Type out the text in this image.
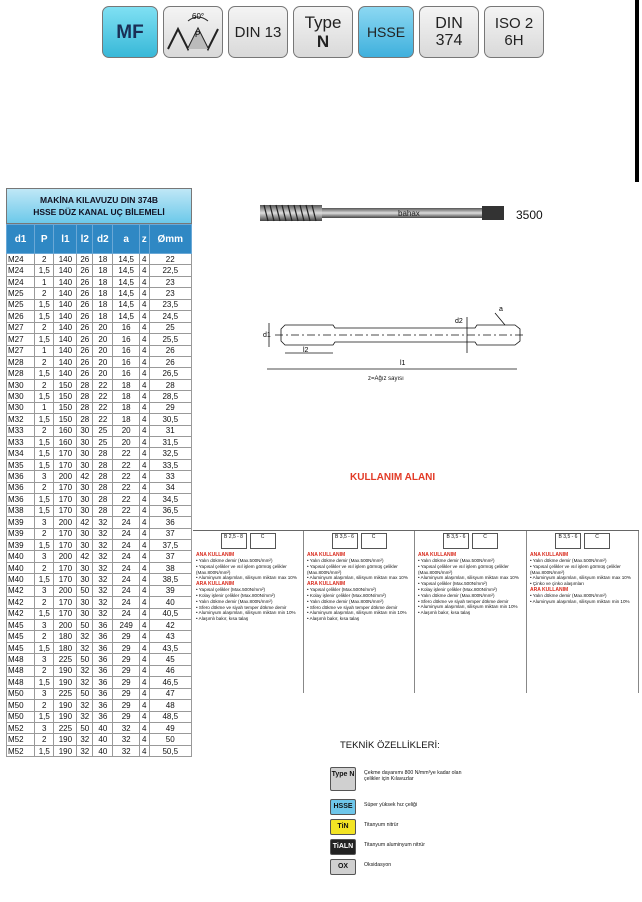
MF
60°
P	DIN 13	Type
N
HSSE	DIN
374
ISO 2
6H
MAKİNA KILAVUZU DIN 374B
HSSE DÜZ KANAL UÇ BİLEMELİ
d1	P	l1	l2	d2	a	z	Ømm
M24	2	140	26	18	14,5	4	22
M24	1,5	140	26	18	14,5	4	22,5
M24	1	140	26	18	14,5	4	23
M25	2	140	26	18	14,5	4	23
M25	1,5	140	26	18	14,5	4	23,5
M26	1,5	140	26	18	14,5	4	24,5
M27	2	140	26	20	16	4	25
M27	1,5	140	26	20	16	4	25,5
M27	1	140	26	20	16	4	26
M28	2	140	26	20	16	4	26
M28	1,5	140	26	20	16	4	26,5
M30	2	150	28	22	18	4	28
M30	1,5	150	28	22	18	4	28,5
M30	1	150	28	22	18	4	29
M32	1,5	150	28	22	18	4	30,5
M33	2	160	30	25	20	4	31
M33	1,5	160	30	25	20	4	31,5
M34	1,5	170	30	28	22	4	32,5
M35	1,5	170	30	28	22	4	33,5
M36	3	200	42	28	22	4	33
M36	2	170	30	28	22	4	34
M36	1,5	170	30	28	22	4	34,5
M38	1,5	170	30	28	22	4	36,5
M39	3	200	42	32	24	4	36
M39	2	170	30	32	24	4	37
M39	1,5	170	30	32	24	4	37,5
M40	3	200	42	32	24	4	37
M40	2	170	30	32	24	4	38
M40	1,5	170	30	32	24	4	38,5
M42	3	200	50	32	24	4	39
M42	2	170	30	32	24	4	40
M42	1,5	170	30	32	24	4	40,5
M45	3	200	50	36	249	4	42
M45	2	180	32	36	29	4	43
M45	1,5	180	32	36	29	4	43,5
M48	3	225	50	36	29	4	45
M48	2	190	32	36	29	4	46
M48	1,5	190	32	36	29	4	46,5
M50	3	225	50	36	29	4	47
M50	2	190	32	36	29	4	48
M50	1,5	190	32	36	29	4	48,5
M52	3	225	50	40	32	4	49
M52	2	190	32	40	32	4	50
M52	1,5	190	32	40	32	4	50,5
bahax	3500
d1
l2
l1
d2
a
z=Ağız sayısı
KULLANIM ALANI
B 2,5 - 8	C
ANA KULLANIM
• Yalın dökme demir (Max.500N/mm²)
• Yapısal çelikler ve ısıl işlem görmüş çelikler (Max.800N/mm²)
• Aluminyum alaşımları, silisyum miktarı max 10%
ARA KULLANIM
• Yapısal çelikler (Max.500N/mm²)
• Kolay işlenir çelikler (Max.800N/mm²)
• Yalın dökme demir (Max.800N/mm²)
• Sfero dökme ve siyah temper dökme demir
• Aluminyum alaşımları, silisyum miktarı min 10%
• Alaşımlı bakır, kısa talaş
B 3,5 - 6	C
ANA KULLANIM
• Yalın dökme demir (Max.500N/mm²)
• Yapısal çelikler ve ısıl işlem görmüş çelikler (Max.800N/mm²)
• Aluminyum alaşımları, silisyum miktarı max 10%
ARA KULLANIM
• Yapısal çelikler (Max.500N/mm²)
• Kolay işlenir çelikler (Max.800N/mm²)
• Yalın dökme demir (Max.800N/mm²)
• Sfero dökme ve siyah temper dökme demir
• Aluminyum alaşımları, silisyum miktarı min 10%
• Alaşımlı bakır, kısa talaş
B 3,5 - 6	C
ANA KULLANIM
• Yalın dökme demir (Max.500N/mm²)
• Yapısal çelikler ve ısıl işlem görmüş çelikler (Max.800N/mm²)
• Aluminyum alaşımları, silisyum miktarı max 10%
• Yapısal çelikler (Max.500N/mm²)
• Kolay işlenir çelikler (Max.800N/mm²)
• Yalın dökme demir (Max.800N/mm²)
• Sfero dökme ve siyah temper dökme demir
• Aluminyum alaşımları, silisyum miktarı min 10%
• Alaşımlı bakır, kısa talaş
B 3,5 - 6	C
ANA KULLANIM
• Yalın dökme demir (Max.500N/mm²)
• Yapısal çelikler ve ısıl işlem görmüş çelikler (Max.800N/mm²)
• Aluminyum alaşımları, silisyum miktarı max 10%
• Çinko ve çinko alaşımları
ARA KULLANIM
• Yalın dökme demir (Max.800N/mm²)
• Aluminyum alaşımları, silisyum miktarı min 10%
TEKNİK ÖZELLİKLERİ:
Type N	Çekme dayanımı 800 N/mm²ye kadar olan çelikler için Kılavuzlar
HSSE	Süper yüksek hız çeliği
TiN	Titanyum nitrür
TiALN	Titanyum aluminyum nitrür
OX	Oksidasyon
